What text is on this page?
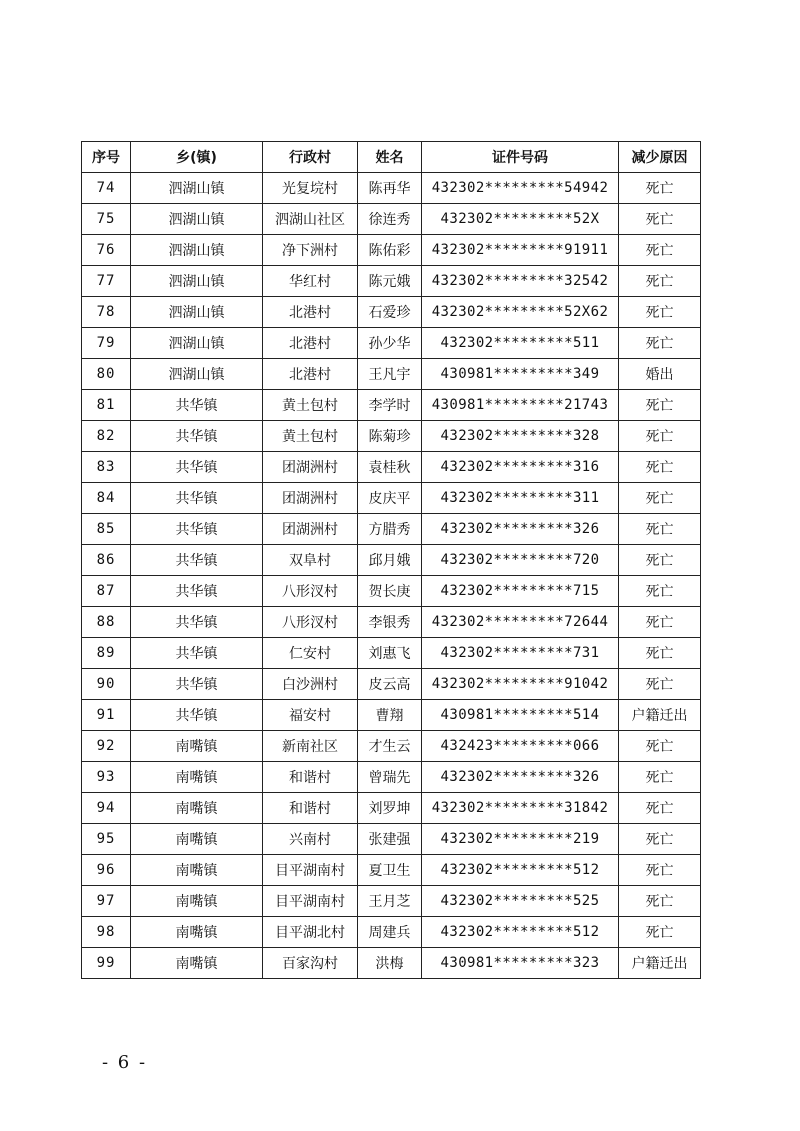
序号	乡(镇)	行政村	姓名	证件号码	减少原因
74	泗湖山镇	光复垸村	陈再华	432302*********54942	死亡
75	泗湖山镇	泗湖山社区	徐连秀	432302*********52X	死亡
76	泗湖山镇	净下洲村	陈佑彩	432302*********91911	死亡
77	泗湖山镇	华红村	陈元娥	432302*********32542	死亡
78	泗湖山镇	北港村	石爱珍	432302*********52X62	死亡
79	泗湖山镇	北港村	孙少华	432302*********511	死亡
80	泗湖山镇	北港村	王凡宇	430981*********349	婚出
81	共华镇	黄土包村	李学时	430981*********21743	死亡
82	共华镇	黄土包村	陈菊珍	432302*********328	死亡
83	共华镇	团湖洲村	袁桂秋	432302*********316	死亡
84	共华镇	团湖洲村	皮庆平	432302*********311	死亡
85	共华镇	团湖洲村	方腊秀	432302*********326	死亡
86	共华镇	双阜村	邱月娥	432302*********720	死亡
87	共华镇	八形汊村	贺长庚	432302*********715	死亡
88	共华镇	八形汊村	李银秀	432302*********72644	死亡
89	共华镇	仁安村	刘惠飞	432302*********731	死亡
90	共华镇	白沙洲村	皮云高	432302*********91042	死亡
91	共华镇	福安村	曹翔	430981*********514	户籍迁出
92	南嘴镇	新南社区	才生云	432423*********066	死亡
93	南嘴镇	和谐村	曾瑞先	432302*********326	死亡
94	南嘴镇	和谐村	刘罗坤	432302*********31842	死亡
95	南嘴镇	兴南村	张建强	432302*********219	死亡
96	南嘴镇	目平湖南村	夏卫生	432302*********512	死亡
97	南嘴镇	目平湖南村	王月芝	432302*********525	死亡
98	南嘴镇	目平湖北村	周建兵	432302*********512	死亡
99	南嘴镇	百家沟村	洪梅	430981*********323	户籍迁出
- 6 -
